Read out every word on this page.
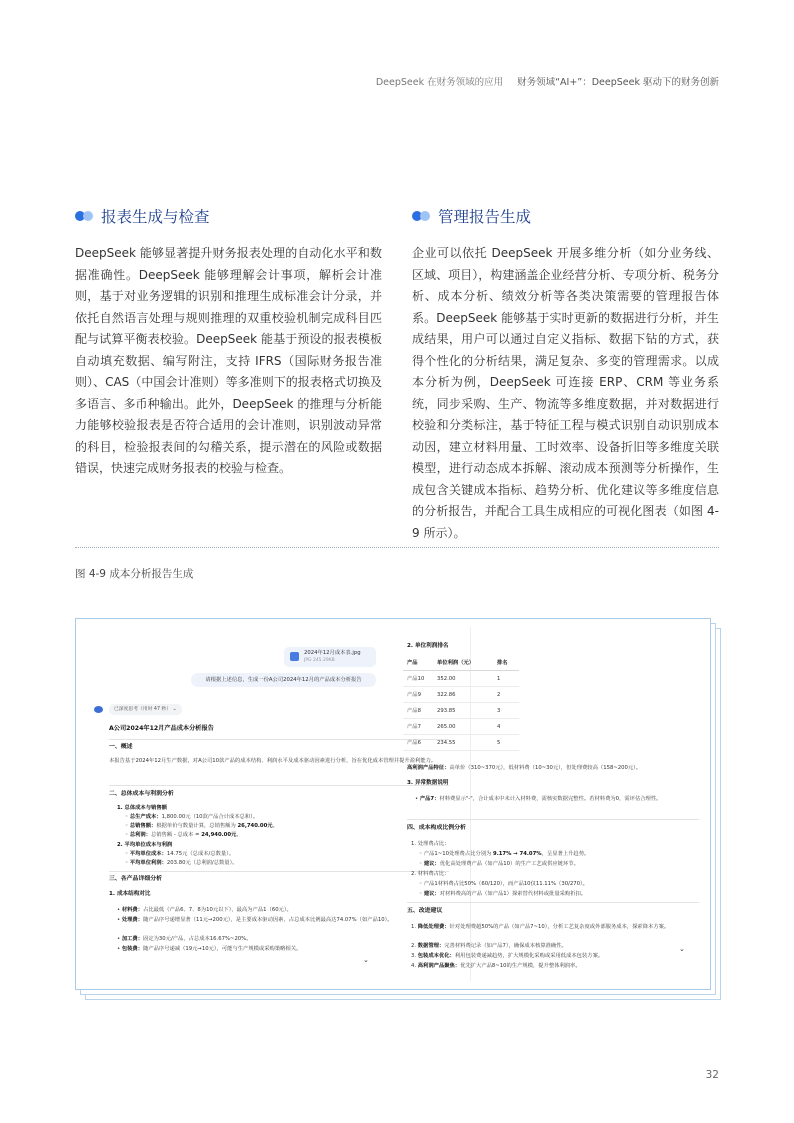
DeepSeek 在财务领域的应用 财务领域“AI+”：DeepSeek 驱动下的财务创新
报表生成与检查

DeepSeek 能够显著提升财务报表处理的自动化水平和数据准确性。DeepSeek 能够理解会计事项，解析会计准则，基于对业务逻辑的识别和推理生成标准会计分录，并依托自然语言处理与规则推理的双重校验机制完成科目匹配与试算平衡表校验。DeepSeek 能基于预设的报表模板自动填充数据、编写附注，支持 IFRS（国际财务报告准则）、CAS（中国会计准则）等多准则下的报表格式切换及多语言、多币种输出。此外，DeepSeek 的推理与分析能力能够校验报表是否符合适用的会计准则，识别波动异常的科目，检验报表间的勾稽关系，提示潜在的风险或数据错误，快速完成财务报表的校验与检查。

管理报告生成

企业可以依托 DeepSeek 开展多维分析（如分业务线、区域、项目），构建涵盖企业经营分析、专项分析、税务分析、成本分析、绩效分析等各类决策需要的管理报告体系。DeepSeek 能够基于实时更新的数据进行分析，并生成结果，用户可以通过自定义指标、数据下钻的方式，获得个性化的分析结果，满足复杂、多变的管理需求。以成本分析为例，DeepSeek 可连接 ERP、CRM 等业务系统，同步采购、生产、物流等多维度数据，并对数据进行校验和分类标注，基于特征工程与模式识别自动识别成本动因，建立材料用量、工时效率、设备折旧等多维度关联模型，进行动态成本拆解、滚动成本预测等分析操作，生成包含关键成本指标、趋势分析、优化建议等多维度信息的分析报告，并配合工具生成相应的可视化图表（如图 4-9 所示）。

图 4-9 成本分析报告生成
2024年12月成本表.jpg
JPG 245.29KB
请根据上述信息，生成一份A公司2024年12月的产品成本分析报告
已深度思考（用时 47 秒） ⌄
A公司2024年12月产品成本分析报告
一、概述
本报告基于2024年12月生产数据，对A公司10款产品的成本结构、利润水平及成本驱动因素进行分析，旨在优化成本管理并提升盈利能力。
二、总体成本与利润分析
1. 总体成本与销售额
◦ 总生产成本：1,800.00元（10款产品合计成本总和）。
◦ 总销售额：根据单价与数量计算，总销售额为 26,740.00元。
◦ 总利润：总销售额 - 总成本 = 24,940.00元。
2. 平均单位成本与利润
◦ 平均单位成本：14.75元（总成本/总数量）。
◦ 平均单位利润：203.80元（总利润/总数量）。
三、各产品详细分析
1. 成本结构对比
• 材料费：占比最低（产品6、7、8为10元以下），最高为产品1（60元）。
• 处理费：随产品序号递增显著（11元→200元），是主要成本驱动因素，占总成本比例最高达74.07%（如产品10）。
• 加工费：固定为30元/产品，占总成本16.67%~20%。
• 包装费：随产品序号递减（19元→10元），可能与生产规模或采购策略相关。
⌄
2. 单位利润排名
产品	单位利润（元）	排名
产品10	352.00	1
产品9	322.86	2
产品8	293.85	3
产品7	265.00	4
产品6	234.55	5
高利润产品特征：高单价（310~370元），低材料费（10~30元），但处理费较高（158~200元）。
3. 异常数据说明
• 产品7：材料费显示"-"，合计成本中未计入材料费，需核实数据完整性。若材料费为0，需评估合理性。
四、成本构成比例分析
1. 处理费占比：
◦ 产品1~10处理费占比分别为 9.17% → 74.07%，呈显著上升趋势。
◦ 建议：优化高处理费产品（如产品10）的生产工艺或供应链环节。
2. 材料费占比：
◦ 产品1材料费占比50%（60/120），而产品10仅11.11%（30/270）。
◦ 建议：对材料费高的产品（如产品1）探索替代材料或批量采购折扣。
五、改进建议
1. 降低处理费：针对处理费超50%的产品（如产品7~10），分析工艺复杂度或外部服务成本，探索降本方案。
2. 数据管理：完善材料费记录（如产品7），确保成本核算准确性。
3. 包装成本优化：利用包装费递减趋势，扩大规模化采购或采用低成本包装方案。
4. 高利润产品聚焦：优先扩大产品8~10的生产规模，提升整体利润率。
⌄
32
